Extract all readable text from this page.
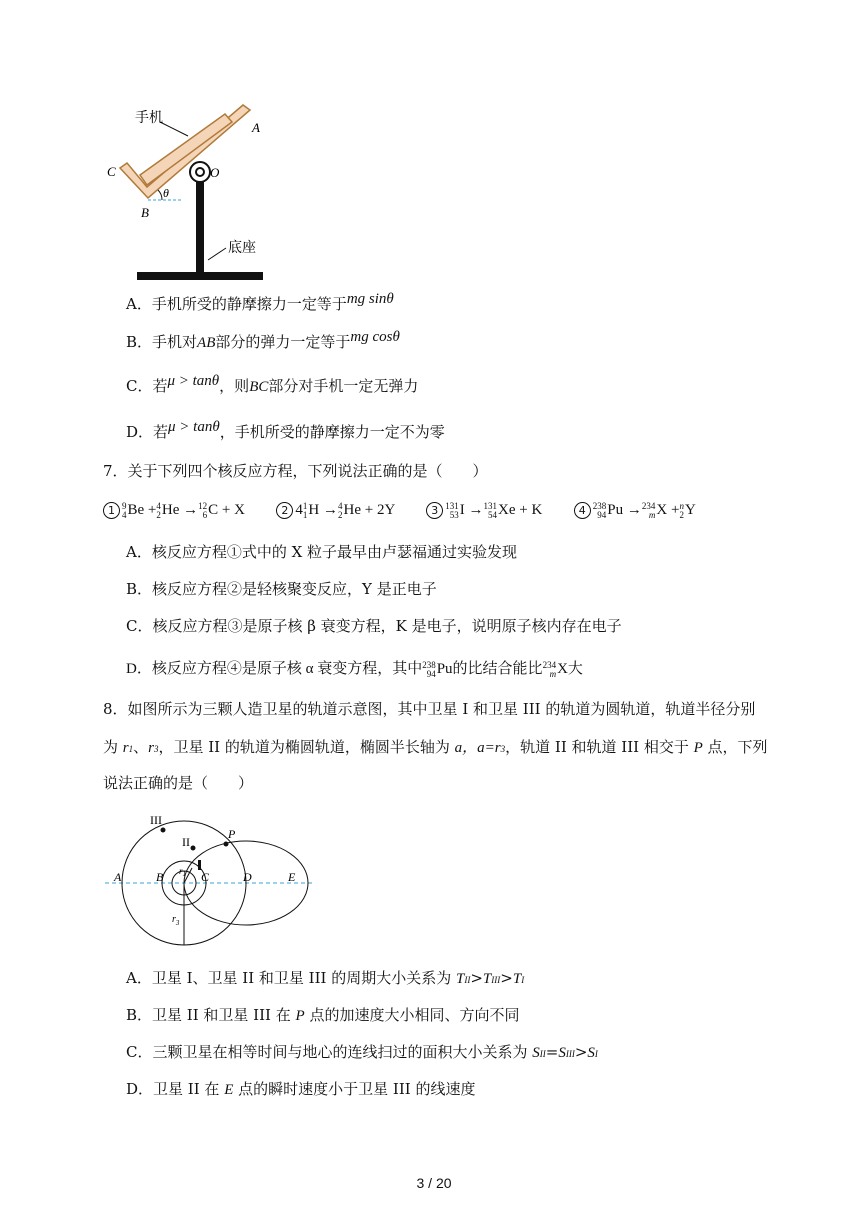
手机
A
C
B
O
θ
底座
A．手机所受的静摩擦力一定等于mg sinθ
B．手机对AB部分的弹力一定等于mg cosθ
C．若μ > tanθ，则BC部分对手机一定无弹力
D．若μ > tanθ，手机所受的静摩擦力一定不为零
7．关于下列四个核反应方程，下列说法正确的是（　　）
1 9
4 Be + 4
2 He → 12
6 C + X	2 4 1
1 H → 4
2 He + 2Y	3 131
53 I → 131
54 Xe + K	4 238
94 Pu → 234
m X + n
2 Y
A．核反应方程①式中的 X 粒子最早由卢瑟福通过实验发现
B．核反应方程②是轻核聚变反应，Y 是正电子
C．核反应方程③是原子核 β 衰变方程，K 是电子，说明原子核内存在电子
D．核反应方程④是原子核 α 衰变方程，其中 238
94 Pu的比结合能比 234
m X大
8．如图所示为三颗人造卫星的轨道示意图，其中卫星 I 和卫星 III 的轨道为圆轨道，轨道半径分别
为 r1、r3，卫星 II 的轨道为椭圆轨道，椭圆半长轴为 a，a=r3，轨道 II 和轨道 III 相交于 P 点，下列
说法正确的是（　　）
III
II
P
A	B	C	D	E
$r_1$
$r_3$
A．卫星 I、卫星 II 和卫星 III 的周期大小关系为 TII>TIII>TI
B．卫星 II 和卫星 III 在 P 点的加速度大小相同、方向不同
C．三颗卫星在相等时间与地心的连线扫过的面积大小关系为 SII=SIII>SI
D．卫星 II 在 E 点的瞬时速度小于卫星 III 的线速度
3 / 20
